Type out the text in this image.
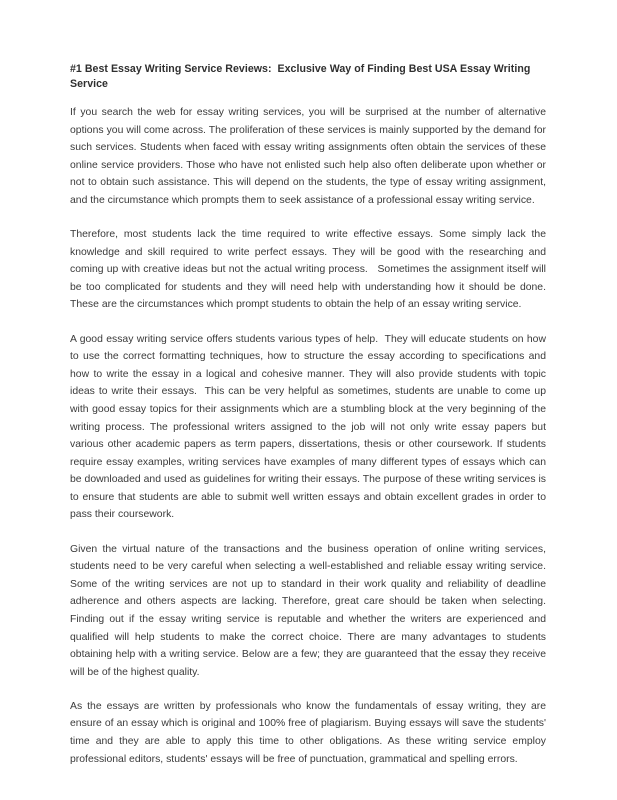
#1 Best Essay Writing Service Reviews:  Exclusive Way of Finding Best USA Essay Writing Service

If you search the web for essay writing services, you will be surprised at the number of alternative options you will come across. The proliferation of these services is mainly supported by the demand for such services. Students when faced with essay writing assignments often obtain the services of these online service providers. Those who have not enlisted such help also often deliberate upon whether or not to obtain such assistance. This will depend on the students, the type of essay writing assignment, and the circumstance which prompts them to seek assistance of a professional essay writing service.

Therefore, most students lack the time required to write effective essays. Some simply lack the knowledge and skill required to write perfect essays. They will be good with the researching and coming up with creative ideas but not the actual writing process.   Sometimes the assignment itself will be too complicated for students and they will need help with understanding how it should be done. These are the circumstances which prompt students to obtain the help of an essay writing service.

A good essay writing service offers students various types of help.  They will educate students on how to use the correct formatting techniques, how to structure the essay according to specifications and how to write the essay in a logical and cohesive manner. They will also provide students with topic ideas to write their essays.  This can be very helpful as sometimes, students are unable to come up with good essay topics for their assignments which are a stumbling block at the very beginning of the writing process. The professional writers assigned to the job will not only write essay papers but various other academic papers as term papers, dissertations, thesis or other coursework. If students require essay examples, writing services have examples of many different types of essays which can be downloaded and used as guidelines for writing their essays. The purpose of these writing services is to ensure that students are able to submit well written essays and obtain excellent grades in order to pass their coursework.

Given the virtual nature of the transactions and the business operation of online writing services, students need to be very careful when selecting a well-established and reliable essay writing service. Some of the writing services are not up to standard in their work quality and reliability of deadline adherence and others aspects are lacking. Therefore, great care should be taken when selecting. Finding out if the essay writing service is reputable and whether the writers are experienced and qualified will help students to make the correct choice. There are many advantages to students obtaining help with a writing service. Below are a few; they are guaranteed that the essay they receive will be of the highest quality.

As the essays are written by professionals who know the fundamentals of essay writing, they are ensure of an essay which is original and 100% free of plagiarism. Buying essays will save the students' time and they are able to apply this time to other obligations. As these writing service employ professional editors, students' essays will be free of punctuation, grammatical and spelling errors.
